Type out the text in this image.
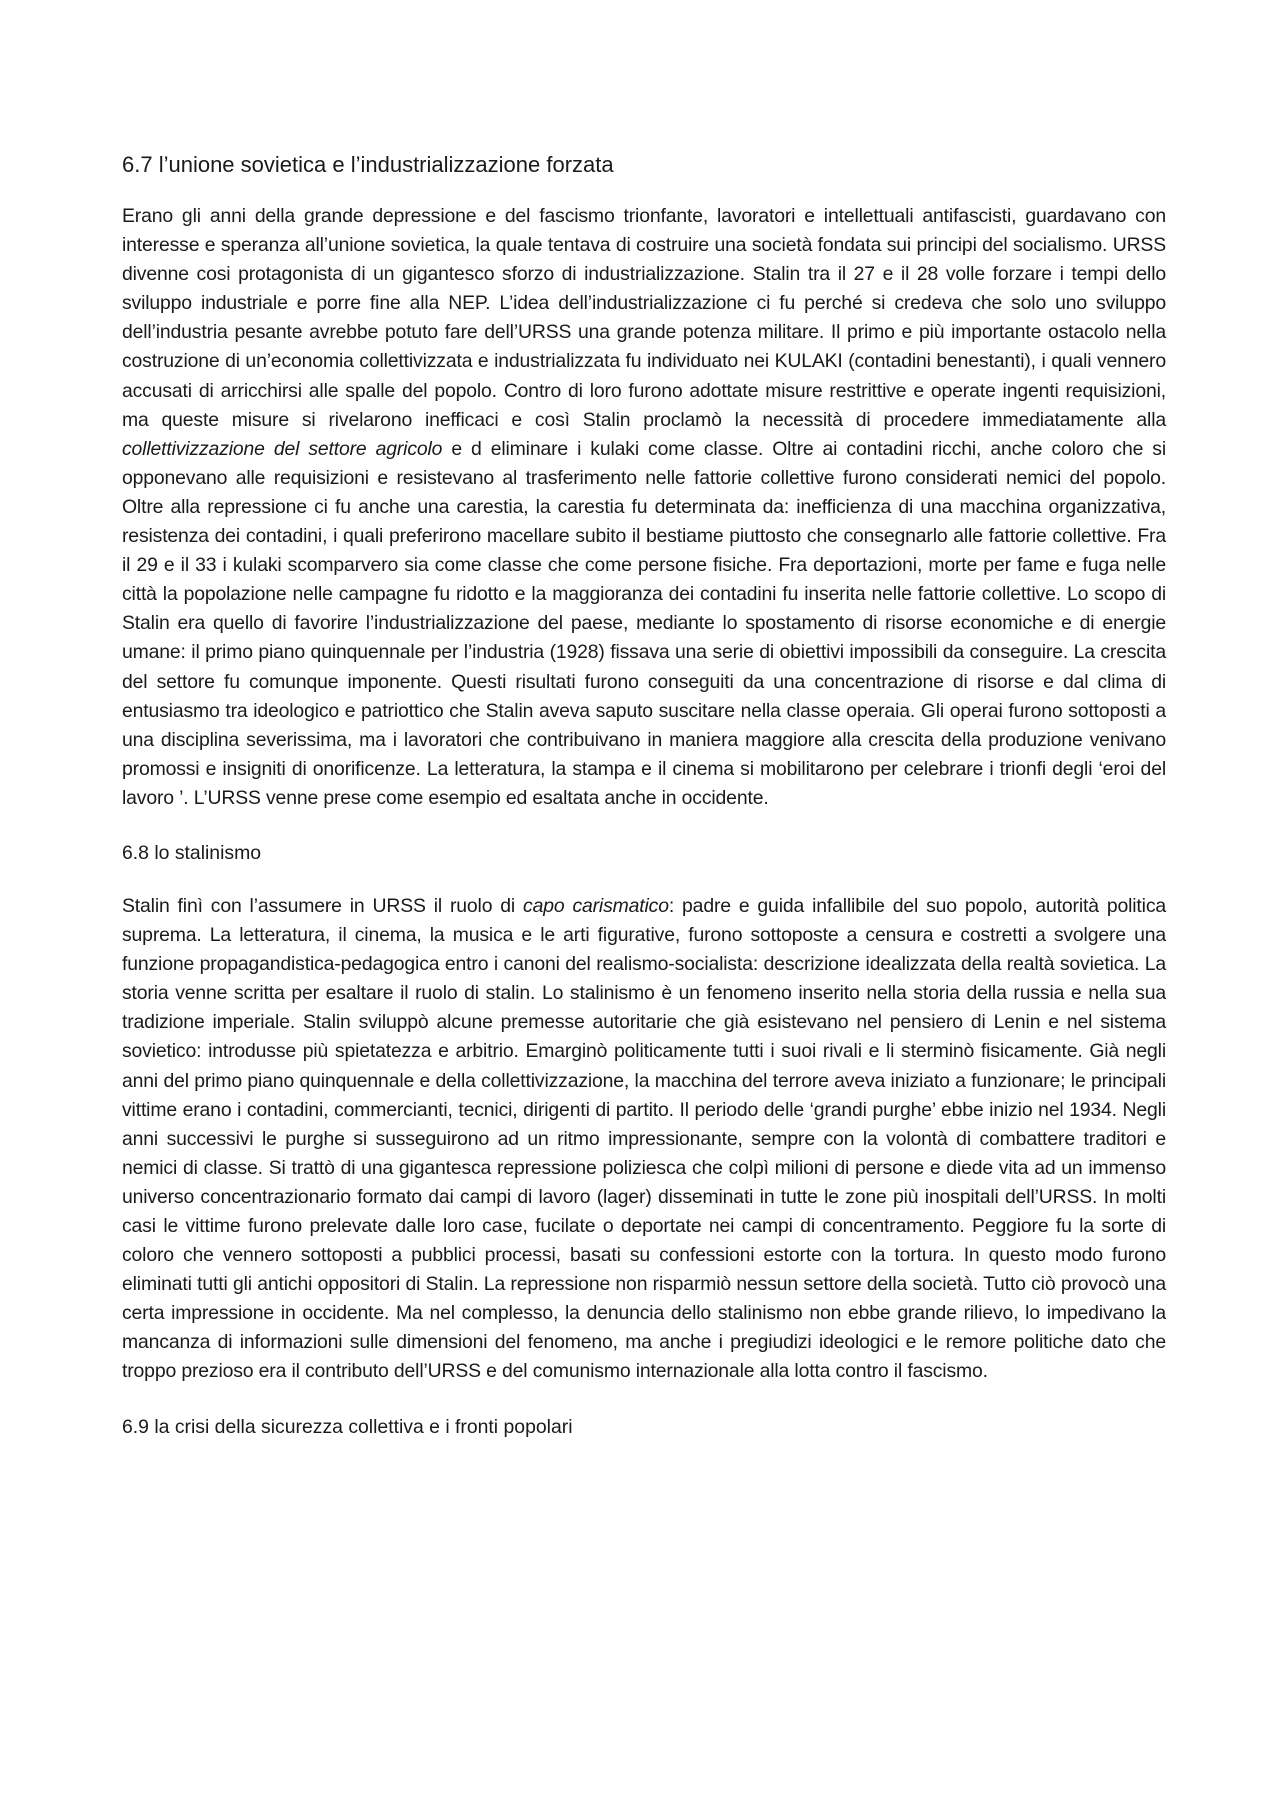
6.7 l’unione sovietica e l’industrializzazione forzata

Erano gli anni della grande depressione e del fascismo trionfante, lavoratori e intellettuali antifascisti, guardavano con interesse e speranza all’unione sovietica, la quale tentava di costruire una società fondata sui principi del socialismo. URSS divenne cosi protagonista di un gigantesco sforzo di industrializzazione. Stalin tra il 27 e il 28 volle forzare i tempi dello sviluppo industriale e porre fine alla NEP. L’idea dell’industrializzazione ci fu perché si credeva che solo uno sviluppo dell’industria pesante avrebbe potuto fare dell’URSS una grande potenza militare. Il primo e più importante ostacolo nella costruzione di un’economia collettivizzata e industrializzata fu individuato nei KULAKI (contadini benestanti), i quali vennero accusati di arricchirsi alle spalle del popolo. Contro di loro furono adottate misure restrittive e operate ingenti requisizioni, ma queste misure si rivelarono inefficaci e così Stalin proclamò la necessità di procedere immediatamente alla collettivizzazione del settore agricolo e d eliminare i kulaki come classe. Oltre ai contadini ricchi, anche coloro che si opponevano alle requisizioni e resistevano al trasferimento nelle fattorie collettive furono considerati nemici del popolo. Oltre alla repressione ci fu anche una carestia, la carestia fu determinata da: inefficienza di una macchina organizzativa, resistenza dei contadini, i quali preferirono macellare subito il bestiame piuttosto che consegnarlo alle fattorie collettive. Fra il 29 e il 33 i kulaki scomparvero sia come classe che come persone fisiche. Fra deportazioni, morte per fame e fuga nelle città la popolazione nelle campagne fu ridotto e la maggioranza dei contadini fu inserita nelle fattorie collettive. Lo scopo di Stalin era quello di favorire l’industrializzazione del paese, mediante lo spostamento di risorse economiche e di energie umane: il primo piano quinquennale per l’industria (1928) fissava una serie di obiettivi impossibili da conseguire. La crescita del settore fu comunque imponente. Questi risultati furono conseguiti da una concentrazione di risorse e dal clima di entusiasmo tra ideologico e patriottico che Stalin aveva saputo suscitare nella classe operaia. Gli operai furono sottoposti a una disciplina severissima, ma i lavoratori che contribuivano in maniera maggiore alla crescita della produzione venivano promossi e insigniti di onorificenze. La letteratura, la stampa e il cinema si mobilitarono per celebrare i trionfi degli ‘eroi del lavoro ’. L’URSS venne prese come esempio ed esaltata anche in occidente.

6.8 lo stalinismo

Stalin finì con l’assumere in URSS il ruolo di capo carismatico: padre e guida infallibile del suo popolo, autorità politica suprema. La letteratura, il cinema, la musica e le arti figurative, furono sottoposte a censura e costretti a svolgere una funzione propagandistica-pedagogica entro i canoni del realismo-socialista: descrizione idealizzata della realtà sovietica. La storia venne scritta per esaltare il ruolo di stalin. Lo stalinismo è un fenomeno inserito nella storia della russia e nella sua tradizione imperiale. Stalin sviluppò alcune premesse autoritarie che già esistevano nel pensiero di Lenin e nel sistema sovietico: introdusse più spietatezza e arbitrio. Emarginò politicamente tutti i suoi rivali e li sterminò fisicamente. Già negli anni del primo piano quinquennale e della collettivizzazione, la macchina del terrore aveva iniziato a funzionare; le principali vittime erano i contadini, commercianti, tecnici, dirigenti di partito. Il periodo delle ‘grandi purghe’ ebbe inizio nel 1934. Negli anni successivi le purghe si susseguirono ad un ritmo impressionante, sempre con la volontà di combattere traditori e nemici di classe. Si trattò di una gigantesca repressione poliziesca che colpì milioni di persone e diede vita ad un immenso universo concentrazionario formato dai campi di lavoro (lager) disseminati in tutte le zone più inospitali dell’URSS. In molti casi le vittime furono prelevate dalle loro case, fucilate o deportate nei campi di concentramento. Peggiore fu la sorte di coloro che vennero sottoposti a pubblici processi, basati su confessioni estorte con la tortura. In questo modo furono eliminati tutti gli antichi oppositori di Stalin. La repressione non risparmiò nessun settore della società. Tutto ciò provocò una certa impressione in occidente. Ma nel complesso, la denuncia dello stalinismo non ebbe grande rilievo, lo impedivano la mancanza di informazioni sulle dimensioni del fenomeno, ma anche i pregiudizi ideologici e le remore politiche dato che troppo prezioso era il contributo dell’URSS e del comunismo internazionale alla lotta contro il fascismo.

6.9 la crisi della sicurezza collettiva e i fronti popolari
